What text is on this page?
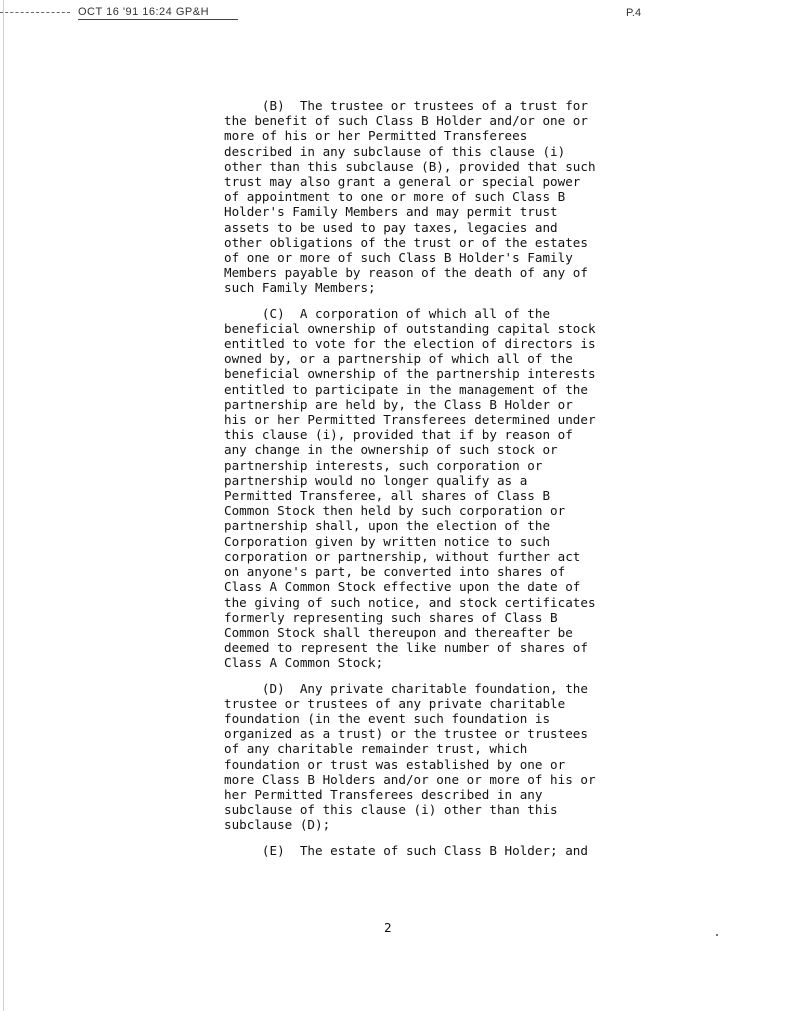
OCT 16 '91 16:24 GP&H	P.4

(B)  The trustee or trustees of a trust for
the benefit of such Class B Holder and/or one or
more of his or her Permitted Transferees
described in any subclause of this clause (i)
other than this subclause (B), provided that such
trust may also grant a general or special power
of appointment to one or more of such Class B
Holder's Family Members and may permit trust
assets to be used to pay taxes, legacies and
other obligations of the trust or of the estates
of one or more of such Class B Holder's Family
Members payable by reason of the death of any of
such Family Members;

(C)  A corporation of which all of the
beneficial ownership of outstanding capital stock
entitled to vote for the election of directors is
owned by, or a partnership of which all of the
beneficial ownership of the partnership interests
entitled to participate in the management of the
partnership are held by, the Class B Holder or
his or her Permitted Transferees determined under
this clause (i), provided that if by reason of
any change in the ownership of such stock or
partnership interests, such corporation or
partnership would no longer qualify as a
Permitted Transferee, all shares of Class B
Common Stock then held by such corporation or
partnership shall, upon the election of the
Corporation given by written notice to such
corporation or partnership, without further act
on anyone's part, be converted into shares of
Class A Common Stock effective upon the date of
the giving of such notice, and stock certificates
formerly representing such shares of Class B
Common Stock shall thereupon and thereafter be
deemed to represent the like number of shares of
Class A Common Stock;

(D)  Any private charitable foundation, the
trustee or trustees of any private charitable
foundation (in the event such foundation is
organized as a trust) or the trustee or trustees
of any charitable remainder trust, which
foundation or trust was established by one or
more Class B Holders and/or one or more of his or
her Permitted Transferees described in any
subclause of this clause (i) other than this
subclause (D);

(E)  The estate of such Class B Holder; and

2
